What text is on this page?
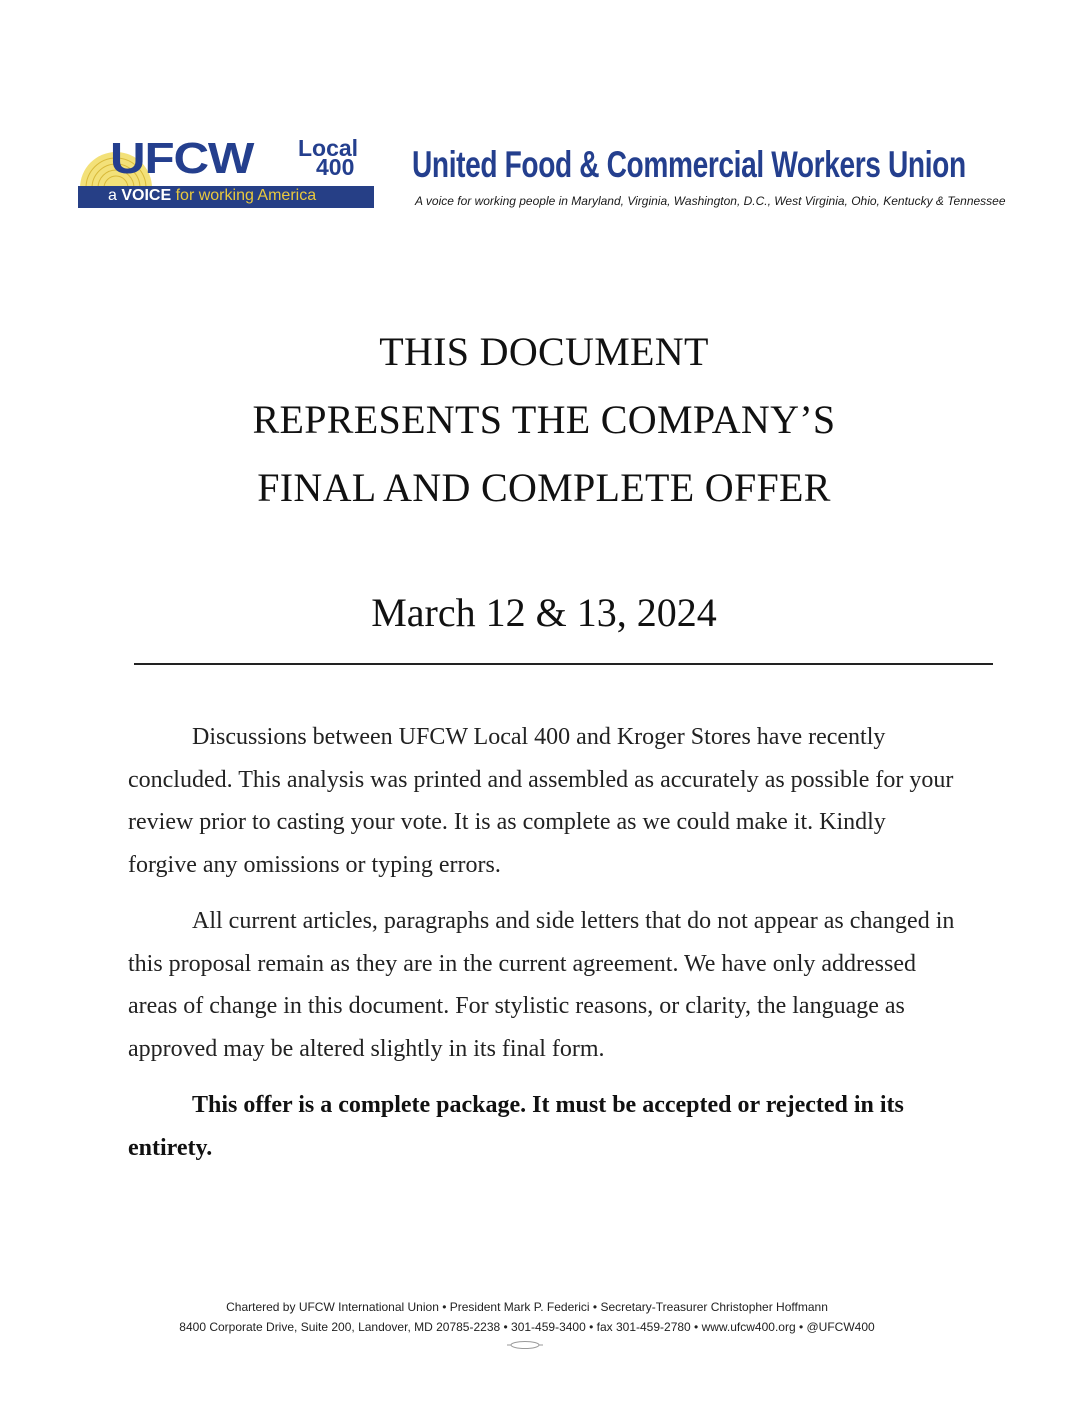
UFCW Local
400
a VOICE for working America
United Food & Commercial Workers Union
A voice for working people in Maryland, Virginia, Washington, D.C., West Virginia, Ohio, Kentucky & Tennessee

THIS DOCUMENT

REPRESENTS THE COMPANY’S

FINAL AND COMPLETE OFFER

March 12 & 13, 2024

Discussions between UFCW Local 400 and Kroger Stores have recently concluded. This analysis was printed and assembled as accurately as possible for your review prior to casting your vote. It is as complete as we could make it. Kindly forgive any omissions or typing errors.

All current articles, paragraphs and side letters that do not appear as changed in this proposal remain as they are in the current agreement. We have only addressed areas of change in this document. For stylistic reasons, or clarity, the language as approved may be altered slightly in its final form.

This offer is a complete package. It must be accepted or rejected in its entirety.

Chartered by UFCW International Union • President Mark P. Federici • Secretary-Treasurer Christopher Hoffmann

8400 Corporate Drive, Suite 200, Landover, MD 20785-2238 • 301-459-3400 • fax 301-459-2780 • www.ufcw400.org • @UFCW400
